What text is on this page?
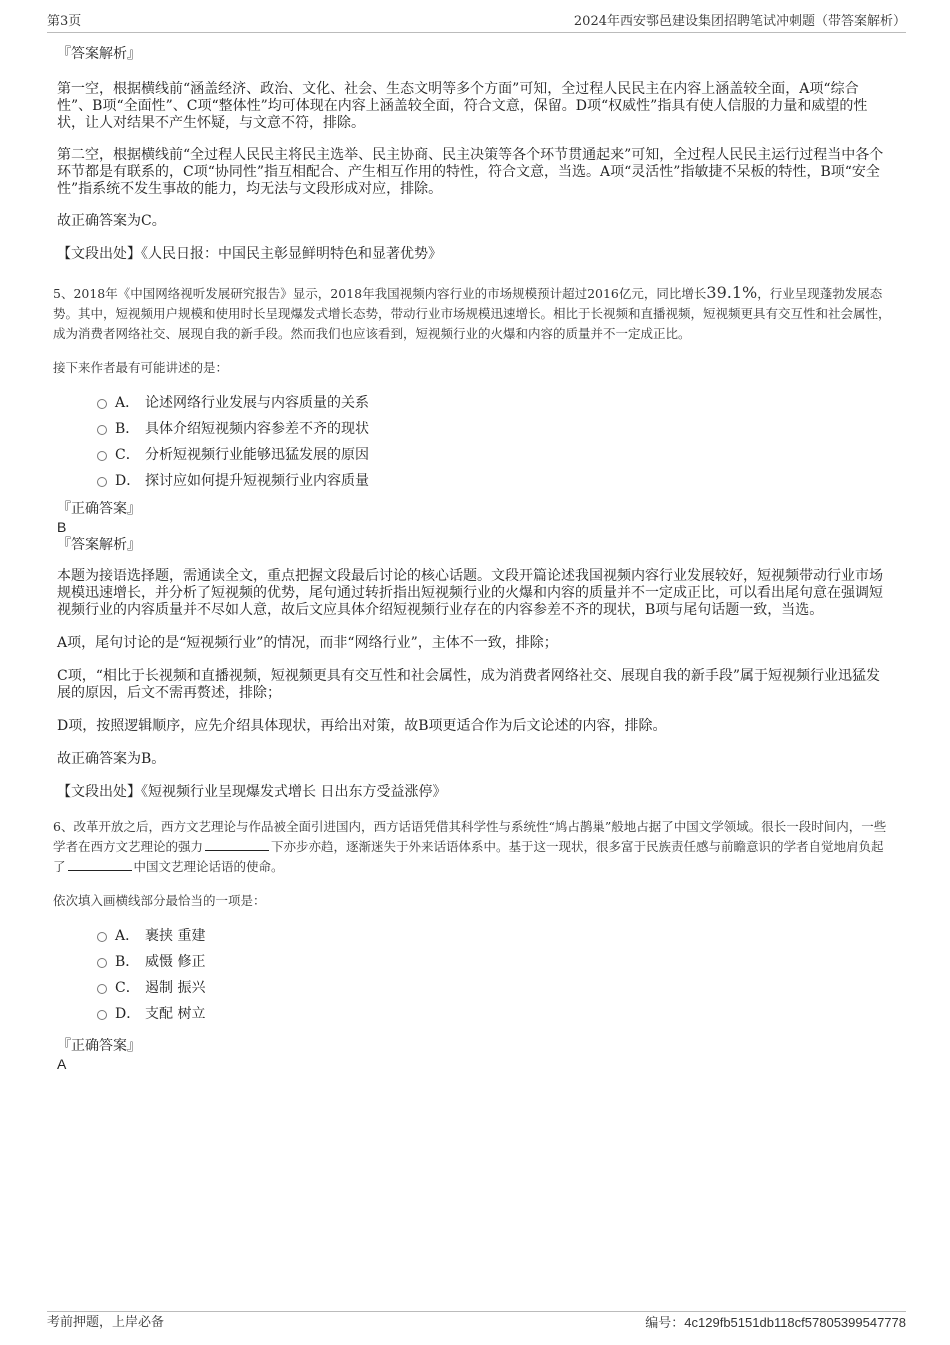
第3页	2024年西安鄠邑建设集团招聘笔试冲刺题（带答案解析）

『答案解析』

第一空，根据横线前“涵盖经济、政治、文化、社会、生态文明等多个方面”可知，全过程人民民主在内容上涵盖较全面，A项“综合性”、B项“全面性”、C项“整体性”均可体现在内容上涵盖较全面，符合文意，保留。D项“权威性”指具有使人信服的力量和威望的性状，让人对结果不产生怀疑，与文意不符，排除。

第二空，根据横线前“全过程人民民主将民主选举、民主协商、民主决策等各个环节贯通起来”可知，全过程人民民主运行过程当中各个环节都是有联系的，C项“协同性”指互相配合、产生相互作用的特性，符合文意，当选。A项“灵活性”指敏捷不呆板的特性，B项“安全性”指系统不发生事故的能力，均无法与文段形成对应，排除。

故正确答案为C。

【文段出处】《人民日报：中国民主彰显鲜明特色和显著优势》

5、2018年《中国网络视听发展研究报告》显示，2018年我国视频内容行业的市场规模预计超过2016亿元，同比增长39.1%，行业呈现蓬勃发展态势。其中，短视频用户规模和使用时长呈现爆发式增长态势，带动行业市场规模迅速增长。相比于长视频和直播视频，短视频更具有交互性和社会属性，成为消费者网络社交、展现自我的新手段。然而我们也应该看到，短视频行业的火爆和内容的质量并不一定成正比。

接下来作者最有可能讲述的是：

A． 论述网络行业发展与内容质量的关系
B． 具体介绍短视频内容参差不齐的现状
C． 分析短视频行业能够迅猛发展的原因
D． 探讨应如何提升短视频行业内容质量

『正确答案』

B

『答案解析』

本题为接语选择题，需通读全文，重点把握文段最后讨论的核心话题。文段开篇论述我国视频内容行业发展较好，短视频带动行业市场规模迅速增长，并分析了短视频的优势，尾句通过转折指出短视频行业的火爆和内容的质量并不一定成正比，可以看出尾句意在强调短视频行业的内容质量并不尽如人意，故后文应具体介绍短视频行业存在的内容参差不齐的现状，B项与尾句话题一致，当选。

A项，尾句讨论的是“短视频行业”的情况，而非“网络行业”，主体不一致，排除；

C项，“相比于长视频和直播视频，短视频更具有交互性和社会属性，成为消费者网络社交、展现自我的新手段”属于短视频行业迅猛发展的原因，后文不需再赘述，排除；

D项，按照逻辑顺序，应先介绍具体现状，再给出对策，故B项更适合作为后文论述的内容，排除。

故正确答案为B。

【文段出处】《短视频行业呈现爆发式增长 日出东方受益涨停》

6、改革开放之后，西方文艺理论与作品被全面引进国内，西方话语凭借其科学性与系统性“鸠占鹊巢”般地占据了中国文学领域。很长一段时间内，一些学者在西方文艺理论的强力	下亦步亦趋，逐渐迷失于外来话语体系中。基于这一现状，很多富于民族责任感与前瞻意识的学者自觉地肩负起了	中国文艺理论话语的使命。

依次填入画横线部分最恰当的一项是：

A． 裹挟 重建
B． 威慑 修正
C． 遏制 振兴
D． 支配 树立

『正确答案』

A

考前押题，上岸必备	编号：4c129fb5151db118cf57805399547778
